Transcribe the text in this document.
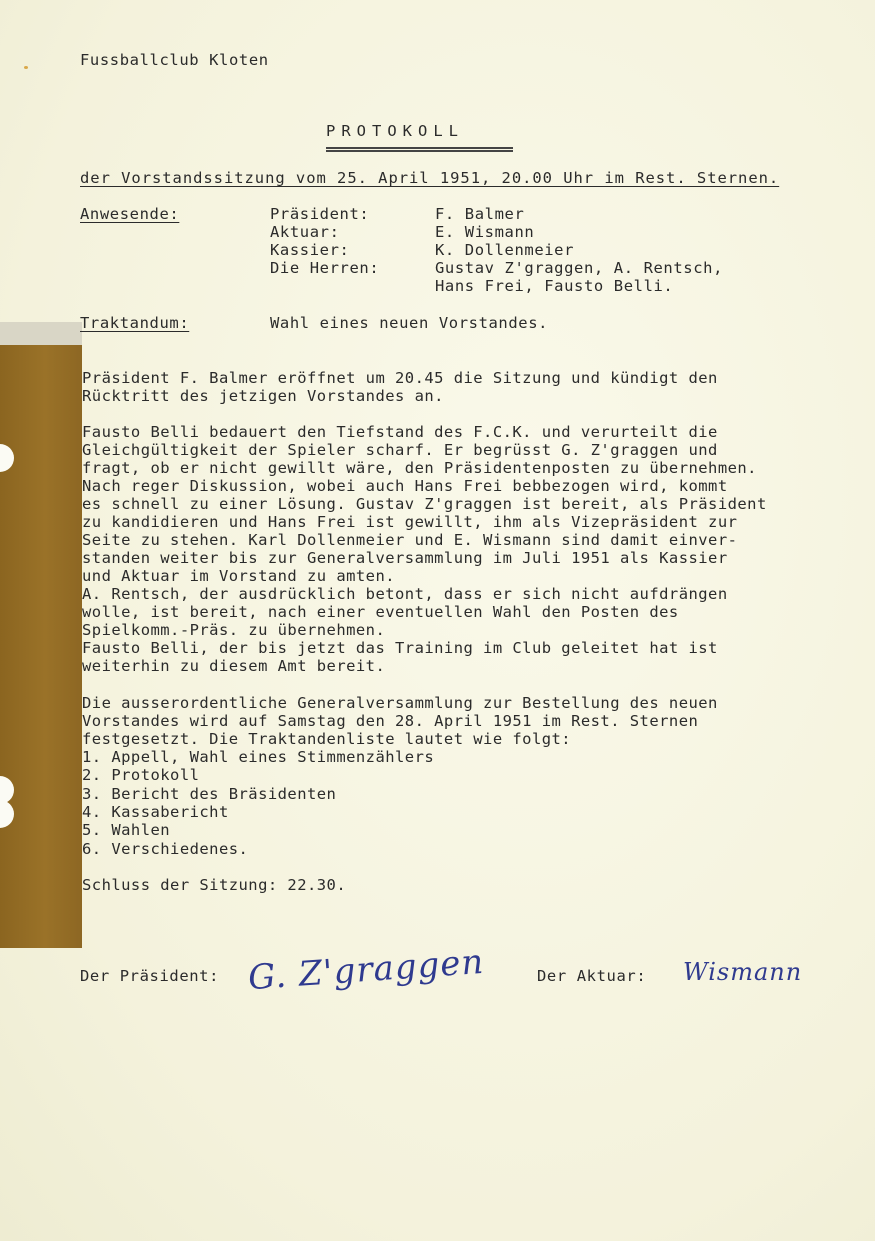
Fussballclub Kloten
PROTOKOLL
der Vorstandssitzung vom 25. April 1951, 20.00 Uhr im Rest. Sternen.
Anwesende:	Präsident:	F. Balmer
Aktuar:	E. Wismann
Kassier:	K. Dollenmeier
Die Herren:	Gustav Z'graggen, A. Rentsch,
Hans Frei, Fausto Belli.
Traktandum:	Wahl eines neuen Vorstandes.
Präsident F. Balmer eröffnet um 20.45 die Sitzung und kündigt den
Rücktritt des jetzigen Vorstandes an.
Fausto Belli bedauert den Tiefstand des F.C.K. und verurteilt die
Gleichgültigkeit der Spieler scharf. Er begrüsst G. Z'graggen und
fragt, ob er nicht gewillt wäre, den Präsidentenposten zu übernehmen.
Nach reger Diskussion, wobei auch Hans Frei bebbezogen wird, kommt
es schnell zu einer Lösung. Gustav Z'graggen ist bereit, als Präsident
zu kandidieren und Hans Frei ist gewillt, ihm als Vizepräsident zur
Seite zu stehen. Karl Dollenmeier und E. Wismann sind damit einver-
standen weiter bis zur Generalversammlung im Juli 1951 als Kassier
und Aktuar im Vorstand zu amten.
A. Rentsch, der ausdrücklich betont, dass er sich nicht aufdrängen
wolle, ist bereit, nach einer eventuellen Wahl den Posten des
Spielkomm.-Präs. zu übernehmen.
Fausto Belli, der bis jetzt das Training im Club geleitet hat ist
weiterhin zu diesem Amt bereit.
Die ausserordentliche Generalversammlung zur Bestellung des neuen
Vorstandes wird auf Samstag den 28. April 1951 im Rest. Sternen
festgesetzt. Die Traktandenliste lautet wie folgt:
1. Appell, Wahl eines Stimmenzählers
2. Protokoll
3. Bericht des Bräsidenten
4. Kassabericht
5. Wahlen
6. Verschiedenes.
Schluss der Sitzung: 22.30.
Der Präsident: G. Z'graggen	Der Aktuar: Wismann
